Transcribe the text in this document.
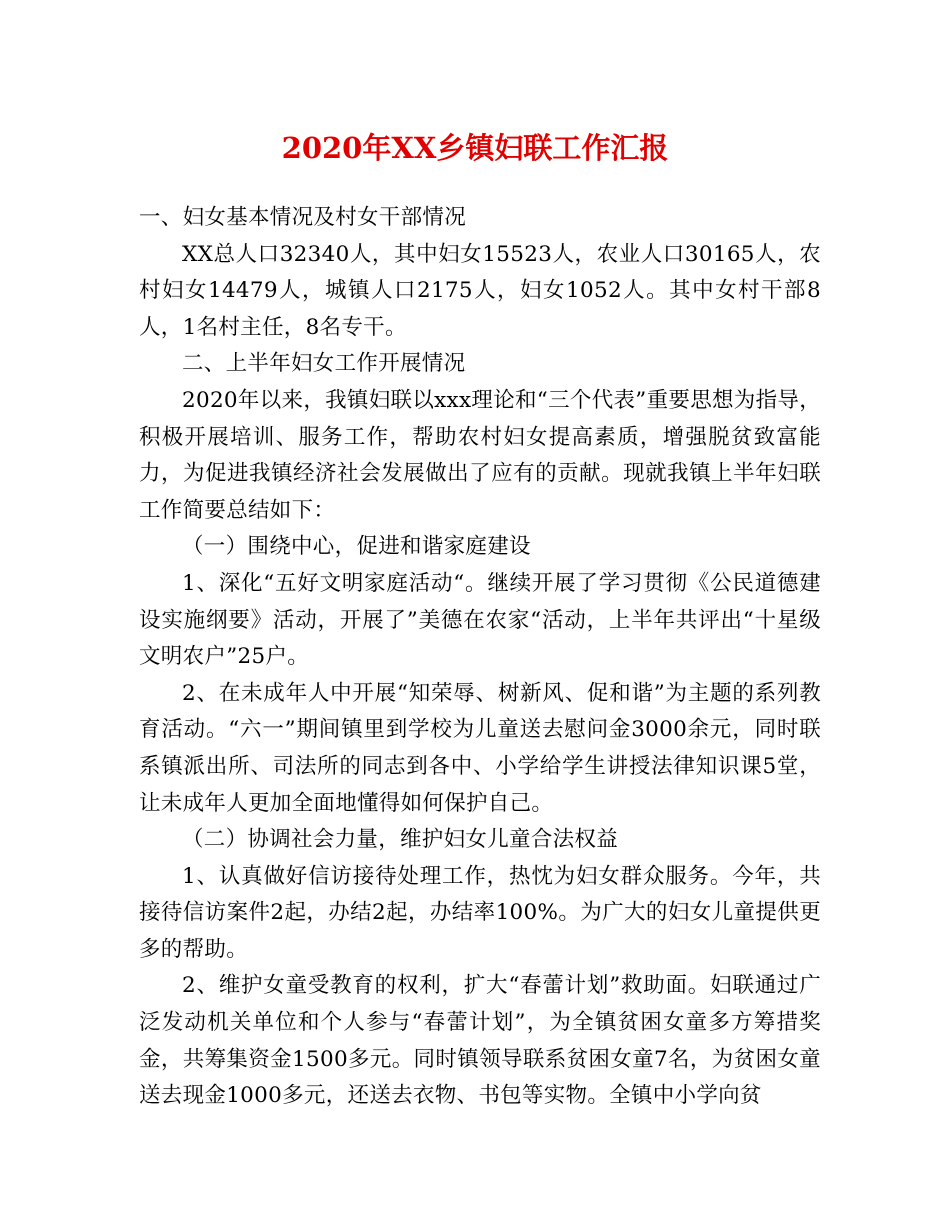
2020年XX乡镇妇联工作汇报

一、妇女基本情况及村女干部情况

XX总人口32340人，其中妇女15523人，农业人口30165人，农村妇女14479人，城镇人口2175人，妇女1052人。其中女村干部8人，1名村主任，8名专干。

二、上半年妇女工作开展情况

2020年以来，我镇妇联以xxx理论和“三个代表”重要思想为指导，积极开展培训、服务工作，帮助农村妇女提高素质，增强脱贫致富能力，为促进我镇经济社会发展做出了应有的贡献。现就我镇上半年妇联工作简要总结如下：

（一）围绕中心，促进和谐家庭建设

1、深化“五好文明家庭活动“。继续开展了学习贯彻《公民道德建设实施纲要》活动，开展了”美德在农家“活动，上半年共评出“十星级文明农户”25户。

2、在未成年人中开展“知荣辱、树新风、促和谐”为主题的系列教育活动。“六一”期间镇里到学校为儿童送去慰问金3000余元，同时联系镇派出所、司法所的同志到各中、小学给学生讲授法律知识课5堂，让未成年人更加全面地懂得如何保护自己。

（二）协调社会力量，维护妇女儿童合法权益

1、认真做好信访接待处理工作，热忱为妇女群众服务。今年，共接待信访案件2起，办结2起，办结率100%。为广大的妇女儿童提供更多的帮助。

2、维护女童受教育的权利，扩大“春蕾计划”救助面。妇联通过广泛发动机关单位和个人参与“春蕾计划”，为全镇贫困女童多方筹措奖金，共筹集资金1500多元。同时镇领导联系贫困女童7名，为贫困女童送去现金1000多元，还送去衣物、书包等实物。全镇中小学向贫
